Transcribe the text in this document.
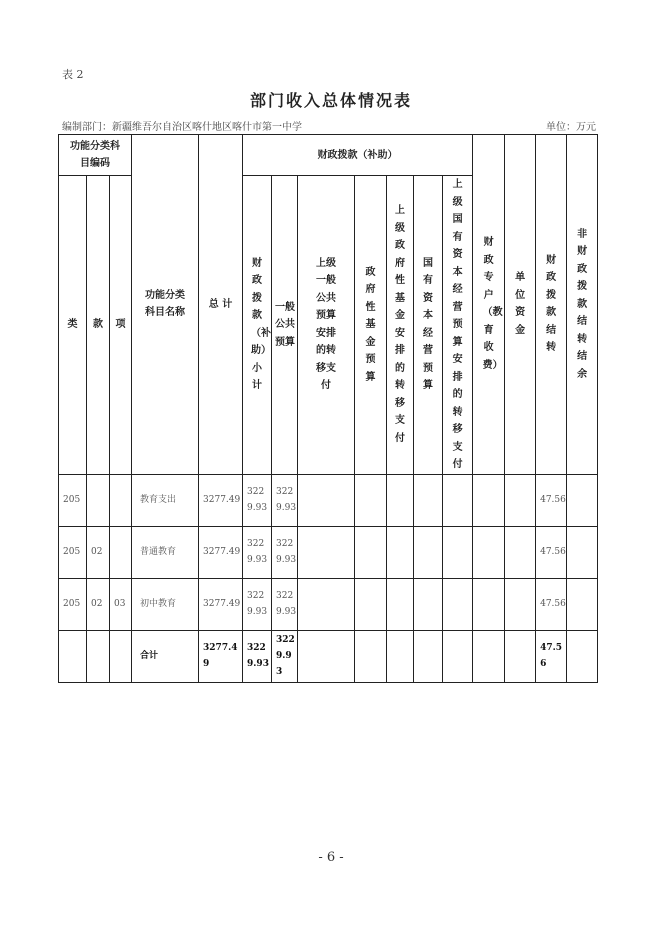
表 2
部门收入总体情况表
编制部门：新疆维吾尔自治区喀什地区喀什市第一中学	单位：万元
功能分类科目编码			功能分类科目名称	总 计	财政拨款（补助）							财政专户（教育收费）	单位资金	财政拨款结转	非财政拨款结转结余
类	款	项			财政拨款（补助）小计	一般公共预算	上级一般公共预算安排的转移支付	政府性基金预算	上级政府性基金安排的转移支付	国有资本经营预算	上级国有资本经营预算安排的转移支付				
205			教育支出	3277.49	3229.93	3229.93								47.56	
205	02		普通教育	3277.49	3229.93	3229.93								47.56	
205	02	03	初中教育	3277.49	3229.93	3229.93								47.56	
			合计	3277.49	3229.93	3229.93								47.56	
- 6 -
